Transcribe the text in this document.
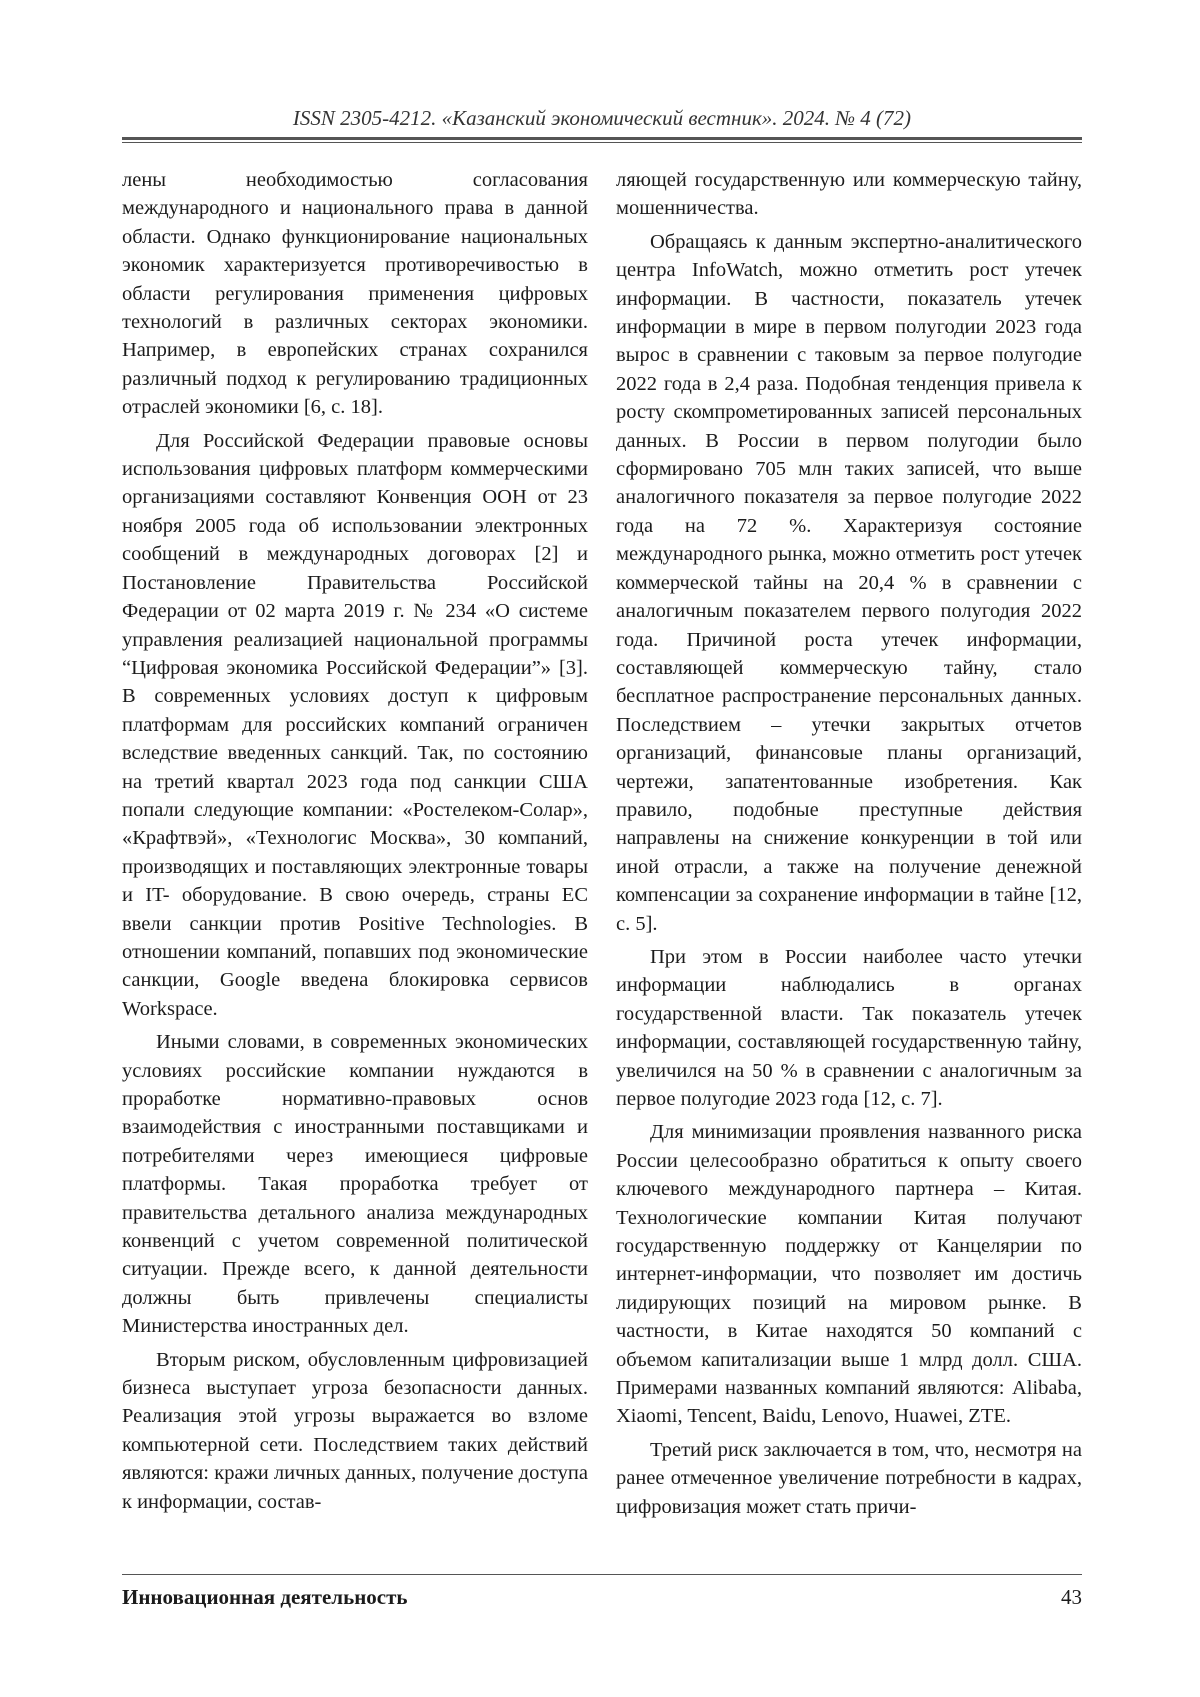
ISSN 2305-4212. «Казанский экономический вестник». 2024. № 4 (72)

лены необходимостью согласования международного и национального права в данной области. Однако функционирование национальных экономик характеризуется противоречивостью в области регулирования применения цифровых технологий в различных секторах экономики. Например, в европейских странах сохранился различный подход к регулированию традиционных отраслей экономики [6, с. 18].

Для Российской Федерации правовые основы использования цифровых платформ коммерческими организациями составляют Конвенция ООН от 23 ноября 2005 года об использовании электронных сообщений в международных договорах [2] и Постановление Правительства Российской Федерации от 02 марта 2019 г. № 234 «О системе управления реализацией национальной программы “Цифровая экономика Российской Федерации”» [3]. В современных условиях доступ к цифровым платформам для российских компаний ограничен вследствие введенных санкций. Так, по состоянию на третий квартал 2023 года под санкции США попали следующие компании: «Ростелеком-Солар», «Крафтвэй», «Технологис Москва», 30 компаний, производящих и поставляющих электронные товары и IT- оборудование. В свою очередь, страны ЕС ввели санкции против Positive Technologies. В отношении компаний, попавших под экономические санкции, Google введена блокировка сервисов Workspace.

Иными словами, в современных экономических условиях российские компании нуждаются в проработке нормативно-правовых основ взаимодействия с иностранными поставщиками и потребителями через имеющиеся цифровые платформы. Такая проработка требует от правительства детального анализа международных конвенций с учетом современной политической ситуации. Прежде всего, к данной деятельности должны быть привлечены специалисты Министерства иностранных дел.

Вторым риском, обусловленным цифровизацией бизнеса выступает угроза безопасности данных. Реализация этой угрозы выражается во взломе компьютерной сети. Последствием таких действий являются: кражи личных данных, получение доступа к информации, состав-

ляющей государственную или коммерческую тайну, мошенничества.

Обращаясь к данным экспертно-аналитического центра InfoWatch, можно отметить рост утечек информации. В частности, показатель утечек информации в мире в первом полугодии 2023 года вырос в сравнении с таковым за первое полугодие 2022 года в 2,4 раза. Подобная тенденция привела к росту скомпрометированных записей персональных данных. В России в первом полугодии было сформировано 705 млн таких записей, что выше аналогичного показателя за первое полугодие 2022 года на 72 %. Характеризуя состояние международного рынка, можно отметить рост утечек коммерческой тайны на 20,4 % в сравнении с аналогичным показателем первого полугодия 2022 года. Причиной роста утечек информации, составляющей коммерческую тайну, стало бесплатное распространение персональных данных. Последствием – утечки закрытых отчетов организаций, финансовые планы организаций, чертежи, запатентованные изобретения. Как правило, подобные преступные действия направлены на снижение конкуренции в той или иной отрасли, а также на получение денежной компенсации за сохранение информации в тайне [12, с. 5].

При этом в России наиболее часто утечки информации наблюдались в органах государственной власти. Так показатель утечек информации, составляющей государственную тайну, увеличился на 50 % в сравнении с аналогичным за первое полугодие 2023 года [12, с. 7].

Для минимизации проявления названного риска России целесообразно обратиться к опыту своего ключевого международного партнера – Китая. Технологические компании Китая получают государственную поддержку от Канцелярии по интернет-информации, что позволяет им достичь лидирующих позиций на мировом рынке. В частности, в Китае находятся 50 компаний с объемом капитализации выше 1 млрд долл. США. Примерами названных компаний являются: Alibaba, Xiaomi, Tencent, Baidu, Lenovo, Huawei, ZTE.

Третий риск заключается в том, что, несмотря на ранее отмеченное увеличение потребности в кадрах, цифровизация может стать причи-

Инновационная деятельность	43
